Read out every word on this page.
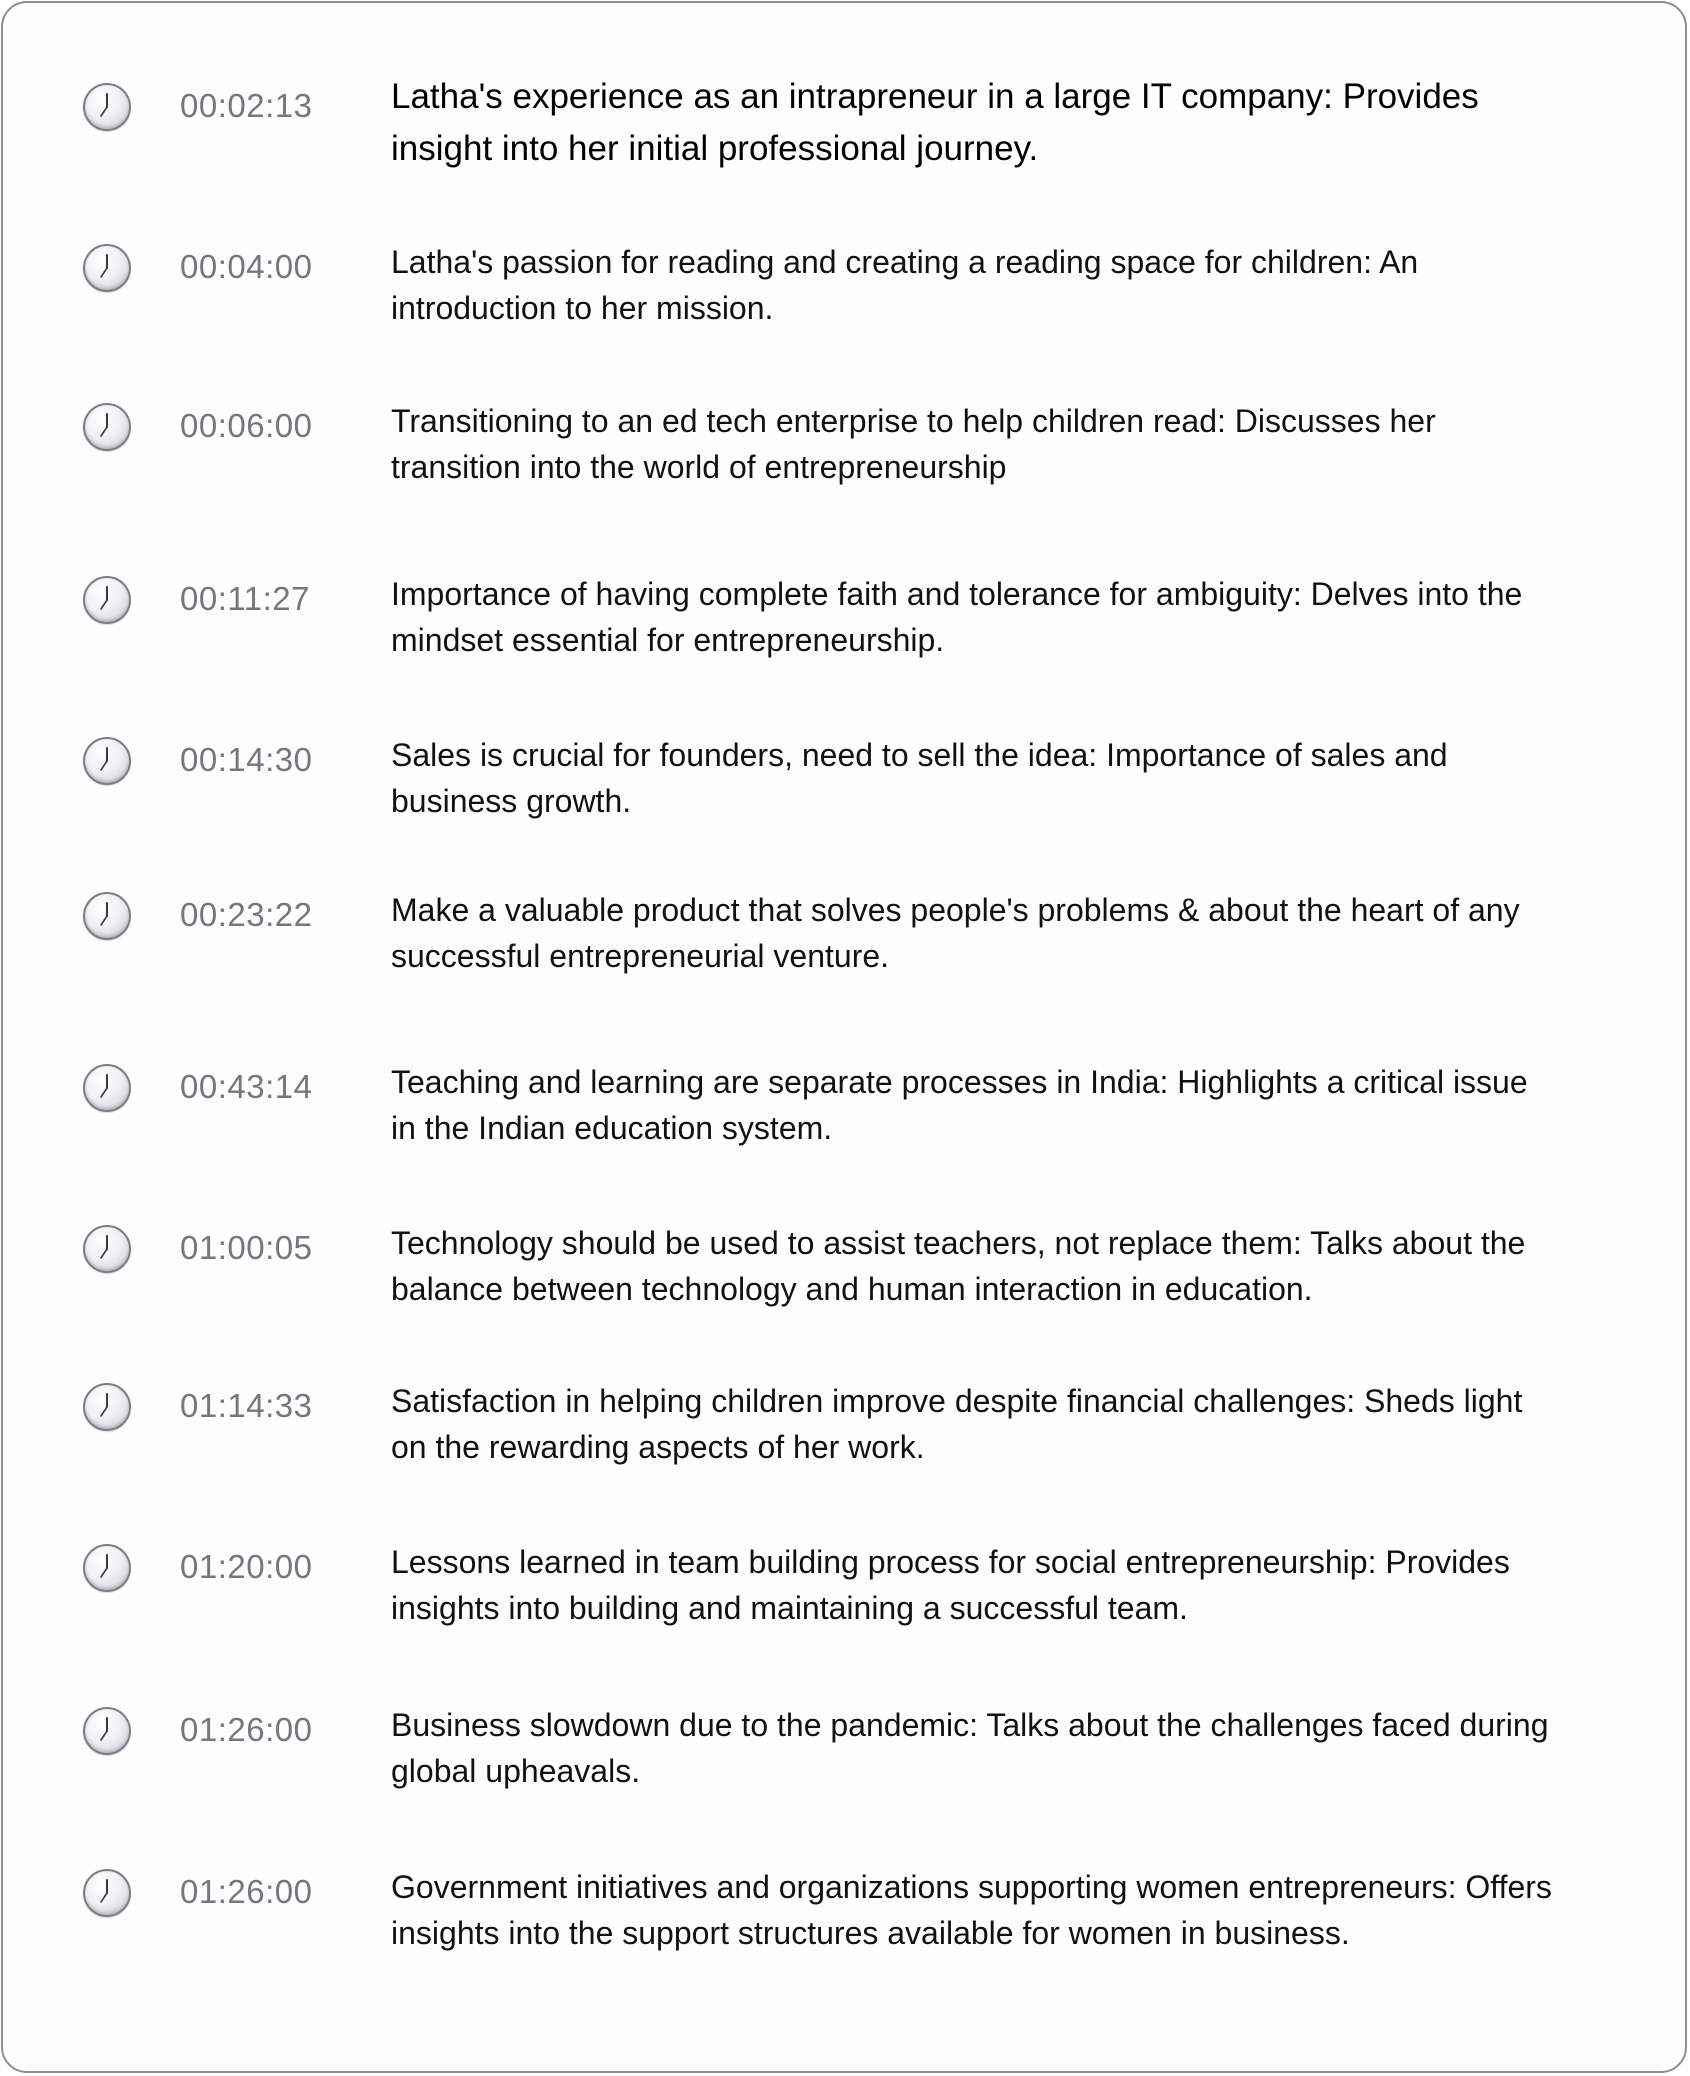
00:02:13 Latha's experience as an intrapreneur in a large IT company: Provides insight into her initial professional journey.
00:04:00 Latha's passion for reading and creating a reading space for children: An introduction to her mission.
00:06:00 Transitioning to an ed tech enterprise to help children read: Discusses her transition into the world of entrepreneurship
00:11:27	Importance of having complete faith and tolerance for ambiguity: Delves into the mindset essential for entrepreneurship.
00:14:30 Sales is crucial for founders, need to sell the idea: Importance of sales and business growth.
00:23:22 Make a valuable product that solves people's problems & about the heart of any successful entrepreneurial venture.
00:43:14 Teaching and learning are separate processes in India: Highlights a critical issue in the Indian education system.
01:00:05 Technology should be used to assist teachers, not replace them: Talks about the balance between technology and human interaction in education.
01:14:33 Satisfaction in helping children improve despite financial challenges: Sheds light on the rewarding aspects of her work.
01:20:00 Lessons learned in team building process for social entrepreneurship: Provides insights into building and maintaining a successful team.
01:26:00 Business slowdown due to the pandemic: Talks about the challenges faced during global upheavals.
01:26:00 Government initiatives and organizations supporting women entrepreneurs: Offers insights into the support structures available for women in business.
